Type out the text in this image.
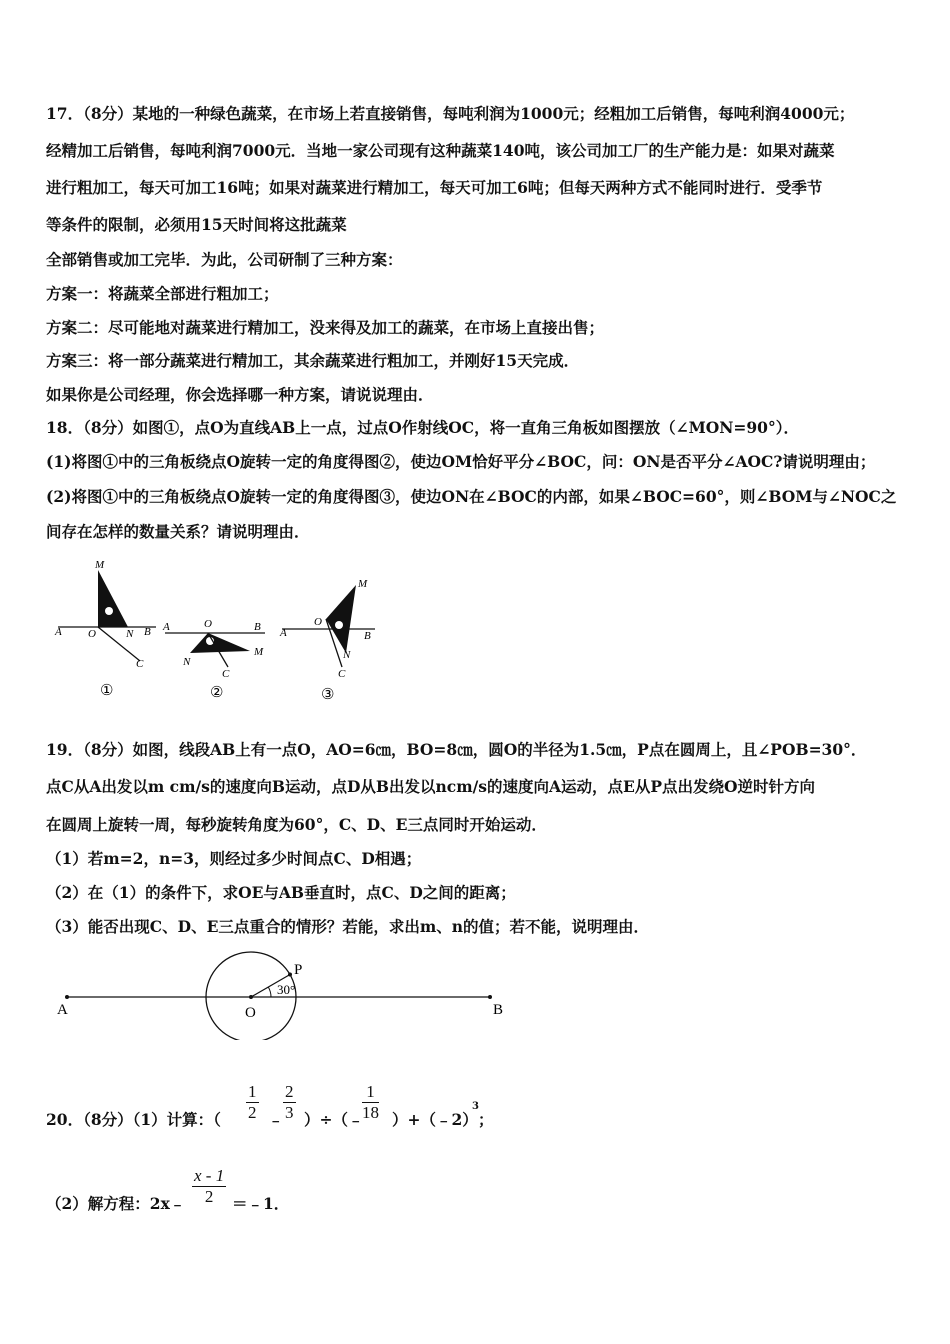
17．（8分）某地的一种绿色蔬菜，在市场上若直接销售，每吨利润为1000元；经粗加工后销售，每吨利润4000元；
经精加工后销售，每吨利润7000元．当地一家公司现有这种蔬菜140吨，该公司加工厂的生产能力是：如果对蔬菜
进行粗加工，每天可加工16吨；如果对蔬菜进行精加工，每天可加工6吨；但每天两种方式不能同时进行．受季节
等条件的限制，必须用15天时间将这批蔬菜
全部销售或加工完毕．为此，公司研制了三种方案：
方案一：将蔬菜全部进行粗加工；
方案二：尽可能地对蔬菜进行精加工，没来得及加工的蔬菜，在市场上直接出售；
方案三：将一部分蔬菜进行精加工，其余蔬菜进行粗加工，并刚好15天完成．
如果你是公司经理，你会选择哪一种方案，请说说理由．
18．（8分）如图①，点O为直线AB上一点，过点O作射线OC，将一直角三角板如图摆放（∠MON=90°）．
(1)将图①中的三角板绕点O旋转一定的角度得图②，使边OM恰好平分∠BOC，问：ON是否平分∠AOC?请说明理由；
(2)将图①中的三角板绕点O旋转一定的角度得图③，使边ON在∠BOC的内部，如果∠BOC=60°，则∠BOM与∠NOC之
间存在怎样的数量关系？请说明理由．
A O	N B
M
C
①
A	O	B
N
M
C
②
A
O
B
M
N
C
③
19．（8分）如图，线段AB上有一点O，AO=6㎝，BO=8㎝，圆O的半径为1.5㎝，P点在圆周上，且∠POB=30°．
点C从A出发以m cm/s的速度向B运动，点D从B出发以ncm/s的速度向A运动，点E从P点出发绕O逆时针方向
在圆周上旋转一周，每秒旋转角度为60°，C、D、E三点同时开始运动．
（1）若m=2，n=3，则经过多少时间点C、D相遇；
（2）在（1）的条件下，求OE与AB垂直时，点C、D之间的距离；
（3）能否出现C、D、E三点重合的情形？若能，求出m、n的值；若不能，说明理由．
A	B
O
P
30°
20．（8分）（1）计算：（ $\frac{1}{2}$ ﹣ $\frac{2}{3}$ ）÷（﹣
$\frac{1}{18}$ ）+（﹣2）
3
；
（2）解方程：2x﹣ $\frac{x - 1}{2}$ ＝﹣1．
